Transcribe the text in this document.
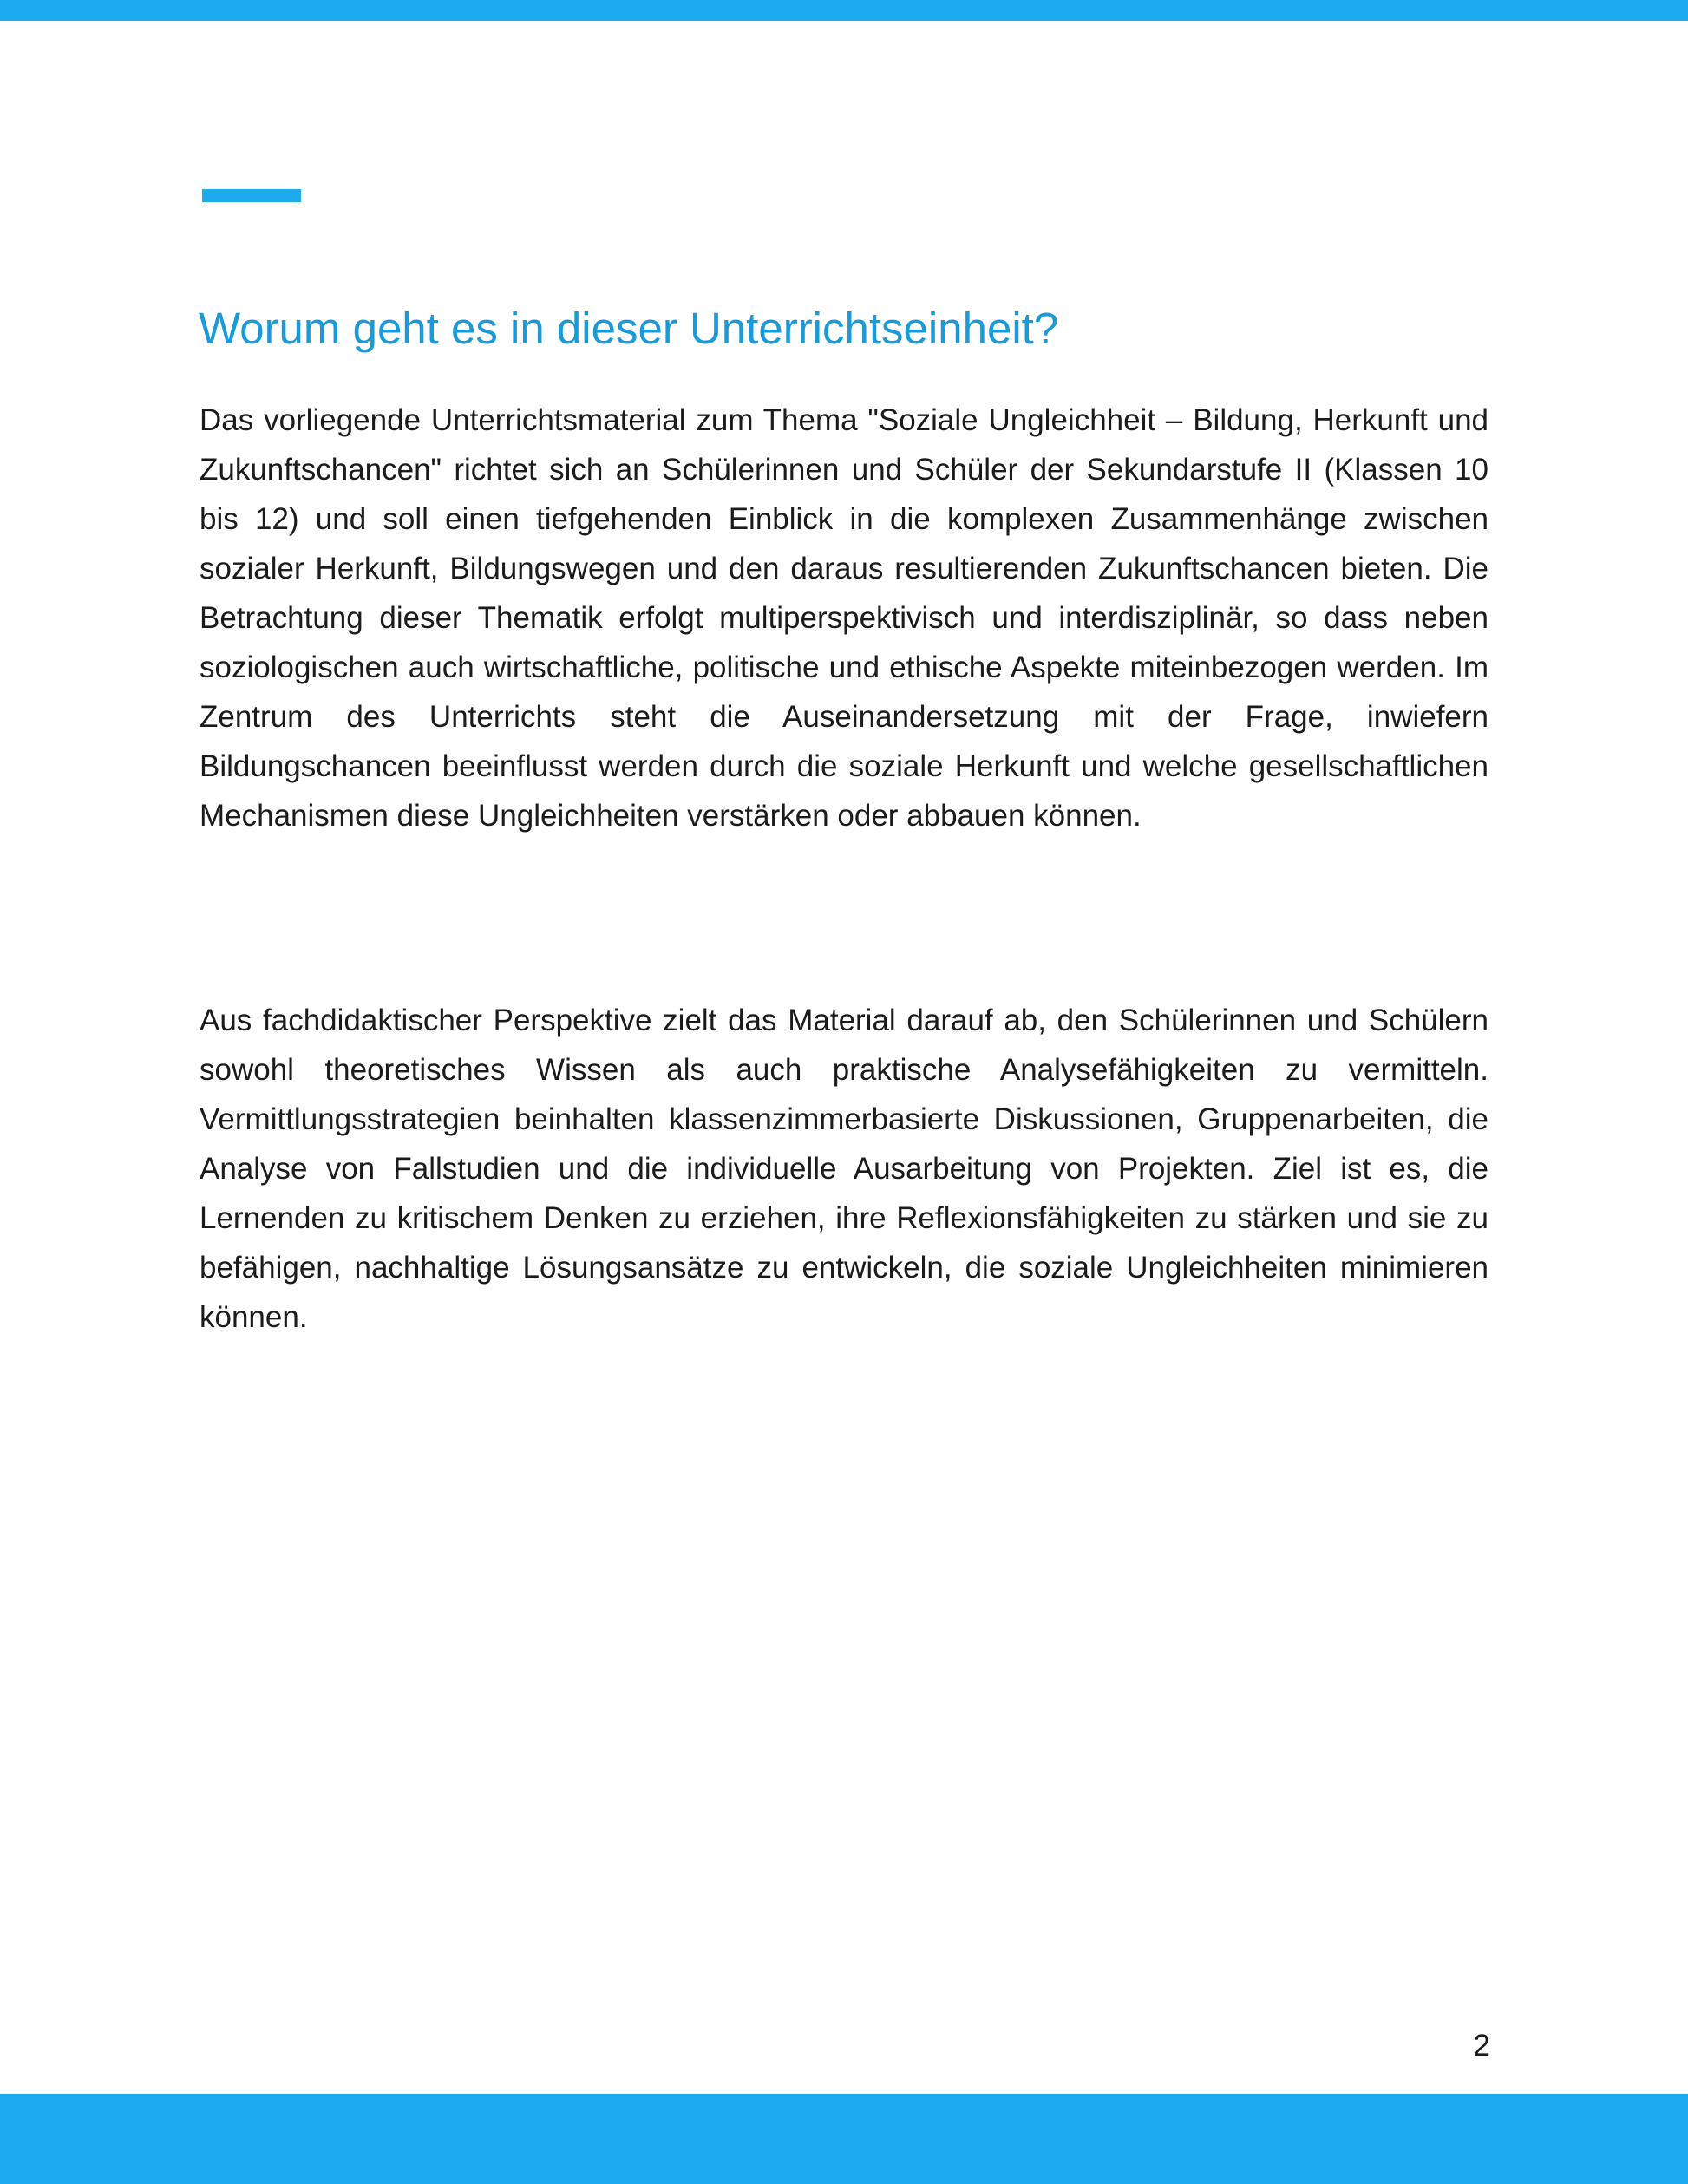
Worum geht es in dieser Unterrichtseinheit?

Das vorliegende Unterrichtsmaterial zum Thema "Soziale Ungleichheit – Bildung, Herkunft und Zukunftschancen" richtet sich an Schülerinnen und Schüler der Sekundarstufe II (Klassen 10 bis 12) und soll einen tiefgehenden Einblick in die komplexen Zusammenhänge zwischen sozialer Herkunft, Bildungswegen und den daraus resultierenden Zukunftschancen bieten. Die Betrachtung dieser Thematik erfolgt multiperspektivisch und interdisziplinär, so dass neben soziologischen auch wirtschaftliche, politische und ethische Aspekte miteinbezogen werden. Im Zentrum des Unterrichts steht die Auseinandersetzung mit der Frage, inwiefern Bildungschancen beeinflusst werden durch die soziale Herkunft und welche gesellschaftlichen Mechanismen diese Ungleichheiten verstärken oder abbauen können.

Aus fachdidaktischer Perspektive zielt das Material darauf ab, den Schülerinnen und Schülern sowohl theoretisches Wissen als auch praktische Analysefähigkeiten zu vermitteln. Vermittlungsstrategien beinhalten klassenzimmerbasierte Diskussionen, Gruppenarbeiten, die Analyse von Fallstudien und die individuelle Ausarbeitung von Projekten. Ziel ist es, die Lernenden zu kritischem Denken zu erziehen, ihre Reflexionsfähigkeiten zu stärken und sie zu befähigen, nachhaltige Lösungsansätze zu entwickeln, die soziale Ungleichheiten minimieren können.

2
